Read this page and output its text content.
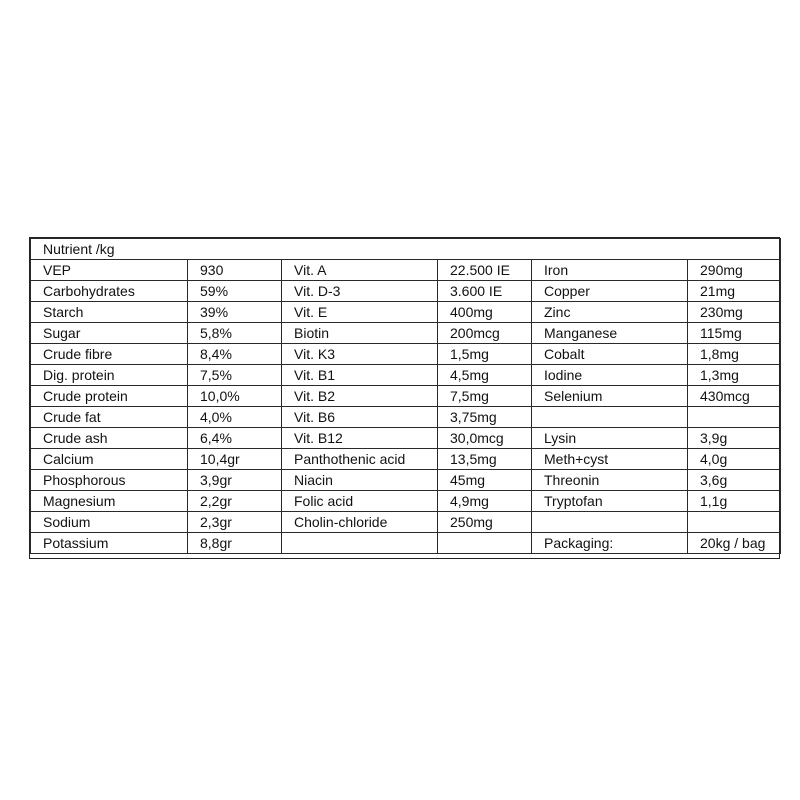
Nutrient /kg					
VEP	930	Vit. A	22.500 IE	Iron	290mg
Carbohydrates	59%	Vit. D-3	3.600 IE	Copper	21mg
Starch	39%	Vit. E	400mg	Zinc	230mg
Sugar	5,8%	Biotin	200mcg	Manganese	115mg
Crude fibre	8,4%	Vit. K3	1,5mg	Cobalt	1,8mg
Dig. protein	7,5%	Vit. B1	4,5mg	Iodine	1,3mg
Crude protein	10,0%	Vit. B2	7,5mg	Selenium	430mcg
Crude fat	4,0%	Vit. B6	3,75mg		
Crude ash	6,4%	Vit. B12	30,0mcg	Lysin	3,9g
Calcium	10,4gr	Panthothenic acid	13,5mg	Meth+cyst	4,0g
Phosphorous	3,9gr	Niacin	45mg	Threonin	3,6g
Magnesium	2,2gr	Folic acid	4,9mg	Tryptofan	1,1g
Sodium	2,3gr	Cholin-chloride	250mg		
Potassium	8,8gr			Packaging:	20kg / bag
